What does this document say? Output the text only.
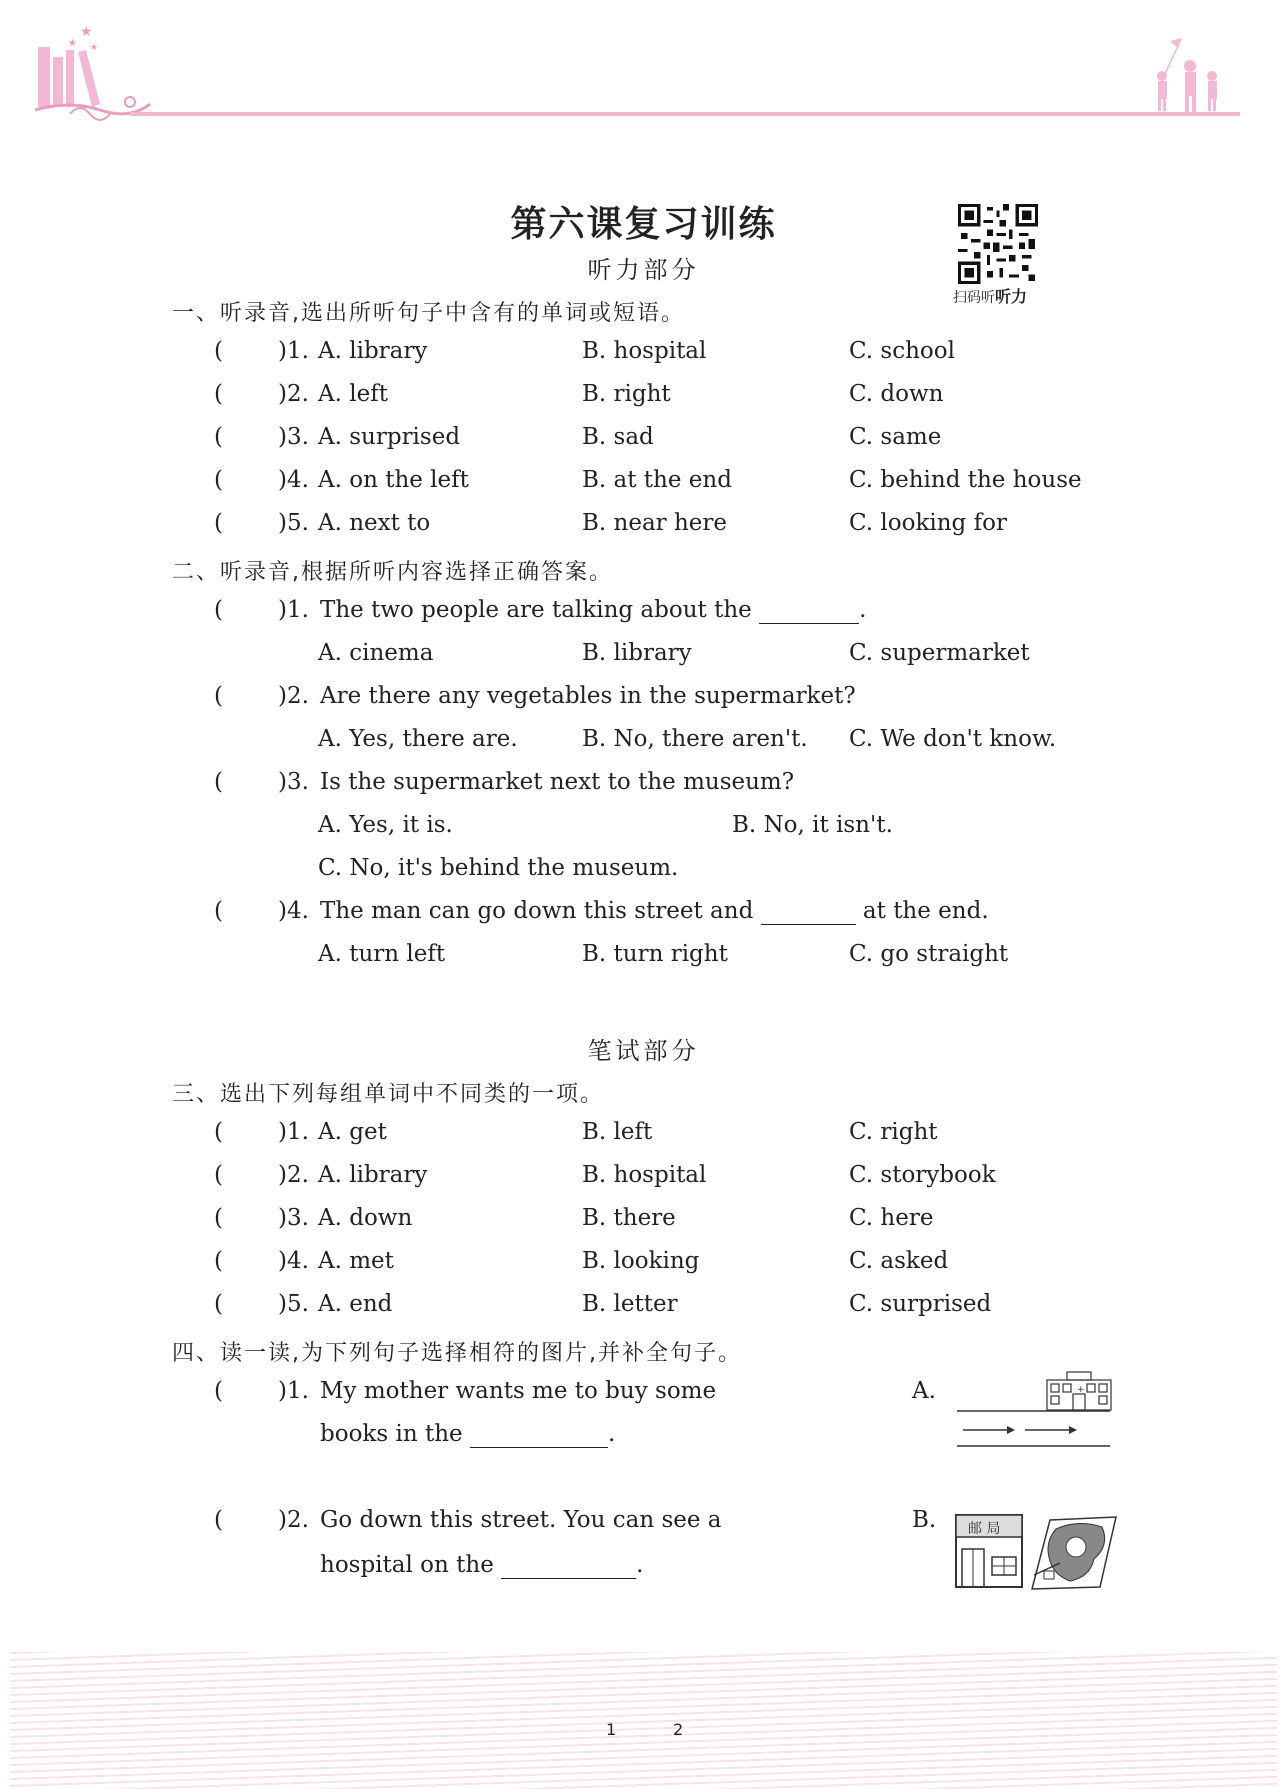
★
★ ★
第六课复习训练
听力部分
扫码听听力
一、听录音,选出所听句子中含有的单词或短语。
( )1. A. library	B. hospital	C. school
( )2. A. left	B. right	C. down
( )3. A. surprised	B. sad	C. same
( )4. A. on the left	B. at the end	C. behind the house
( )5. A. next to	B. near here	C. looking for
二、听录音,根据所听内容选择正确答案。
( )1. The two people are talking about the	.
A. cinema	B. library	C. supermarket
( )2. Are there any vegetables in the supermarket?
A. Yes, there are.	B. No, there aren't. C. We don't know.
( )3. Is the supermarket next to the museum?
A. Yes, it is.	B. No, it isn't.
C. No, it's behind the museum.
( )4. The man can go down this street and	at the end.
A. turn left	B. turn right	C. go straight
笔试部分
三、选出下列每组单词中不同类的一项。
( )1. A. get	B. left	C. right
( )2. A. library	B. hospital	C. storybook
( )3. A. down	B. there	C. here
( )4. A. met	B. looking	C. asked
( )5. A. end	B. letter	C. surprised
四、读一读,为下列句子选择相符的图片,并补全句子。
( )1. My mother wants me to buy some	A.
books in the	.
( )2. Go down this street. You can see a	B.
hospital on the	.
+
邮 局
1	2
